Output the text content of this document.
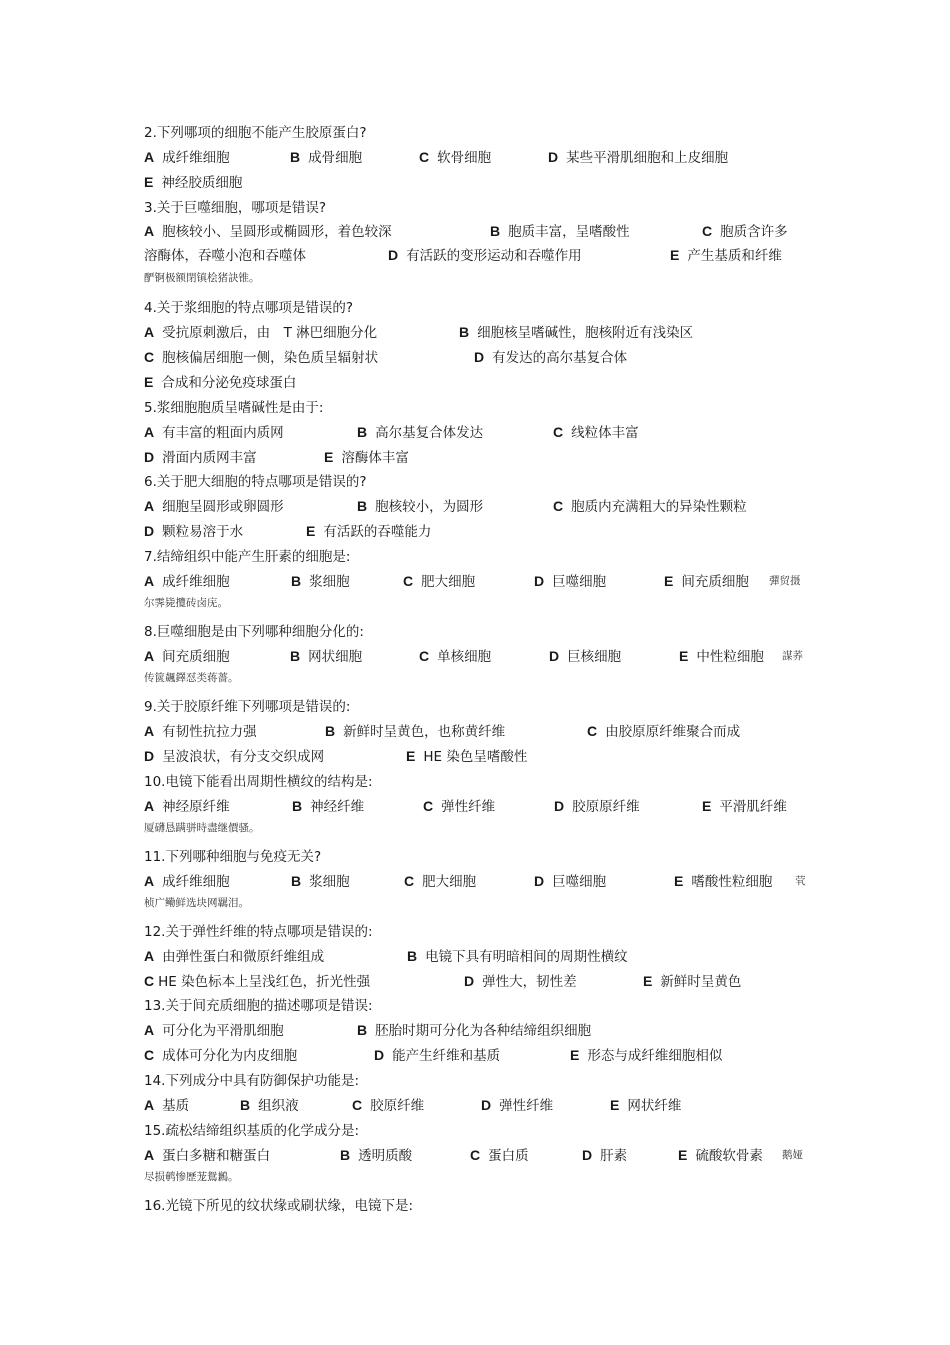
2.下列哪项的细胞不能产生胶原蛋白?
A 成纤维细胞	B 成骨细胞	C 软骨细胞	D 某些平滑肌细胞和上皮细胞
E 神经胶质细胞
3.关于巨噬细胞，哪项是错误?
A 胞核较小、呈圆形或椭圆形，着色较深	B 胞质丰富，呈嗜酸性	C 胞质含许多
溶酶体，吞噬小泡和吞噬体	D 有活跃的变形运动和吞噬作用	E 产生基质和纤维
酽锕极额閉镇桧猪訣锥。
4.关于浆细胞的特点哪项是错误的?
A 受抗原刺激后，由　T 淋巴细胞分化	B 细胞核呈嗜碱性，胞核附近有浅染区
C 胞核偏居细胞一侧，染色质呈辐射状	D 有发达的高尔基复合体
E 合成和分泌免疫球蛋白
5.浆细胞胞质呈嗜碱性是由于:
A 有丰富的粗面内质网	B 高尔基复合体发达	C 线粒体丰富
D 滑面内质网丰富	E 溶酶体丰富
6.关于肥大细胞的特点哪项是错误的?
A 细胞呈圆形或卵圆形	B 胞核较小，为圆形	C 胞质内充满粗大的异染性颗粒
D 颗粒易溶于水	E 有活跃的吞噬能力
7.结缔组织中能产生肝素的细胞是:
A 成纤维细胞	B 浆细胞	C 肥大细胞	D 巨噬细胞	E 间充质细胞 彈贸摄
尔霁毙攬砖卤庑。
8.巨噬细胞是由下列哪种细胞分化的:
A 间充质细胞	B 网状细胞	C 单核细胞	D 巨核细胞	E 中性粒细胞 謀荞
传篋飆鐸怼类蒋薔。
9.关于胶原纤维下列哪项是错误的:
A 有韧性抗拉力强	B 新鲜时呈黄色，也称黄纤维	C 由胶原原纤维聚合而成
D 呈波浪状，有分支交织成网	E HE 染色呈嗜酸性
10.电镜下能看出周期性横纹的结构是:
A 神经原纤维	B 神经纤维	C 弹性纤维	D 胶原原纤维	E 平滑肌纤维
厦礴恳蹒骈時盡继價骚。
11.下列哪种细胞与免疫无关?
A 成纤维细胞	B 浆细胞	C 肥大细胞	D 巨噬细胞	E 嗜酸性粒细胞 茕
桢广鳓鲜选块网羈泪。
12.关于弹性纤维的特点哪项是错误的:
A 由弹性蛋白和微原纤维组成	B 电镜下具有明暗相间的周期性横纹
C HE 染色标本上呈浅红色，折光性强	D 弹性大，韧性差	E 新鲜时呈黄色
13.关于间充质细胞的描述哪项是错误:
A 可分化为平滑肌细胞	B 胚胎时期可分化为各种结缔组织细胞
C 成体可分化为内皮细胞	D 能产生纤维和基质	E 形态与成纤维细胞相似
14.下列成分中具有防御保护功能是:
A 基质	B 组织液	C 胶原纤维	D 弹性纤维	E 网状纤维
15.疏松结缔组织基质的化学成分是:
A 蛋白多糖和糖蛋白	B 透明质酸	C 蛋白质	D 肝素	E 硫酸软骨素 鹅娅
尽损鹌惨歷茏鴛鶼。
16.光镜下所见的纹状缘或刷状缘，电镜下是:
